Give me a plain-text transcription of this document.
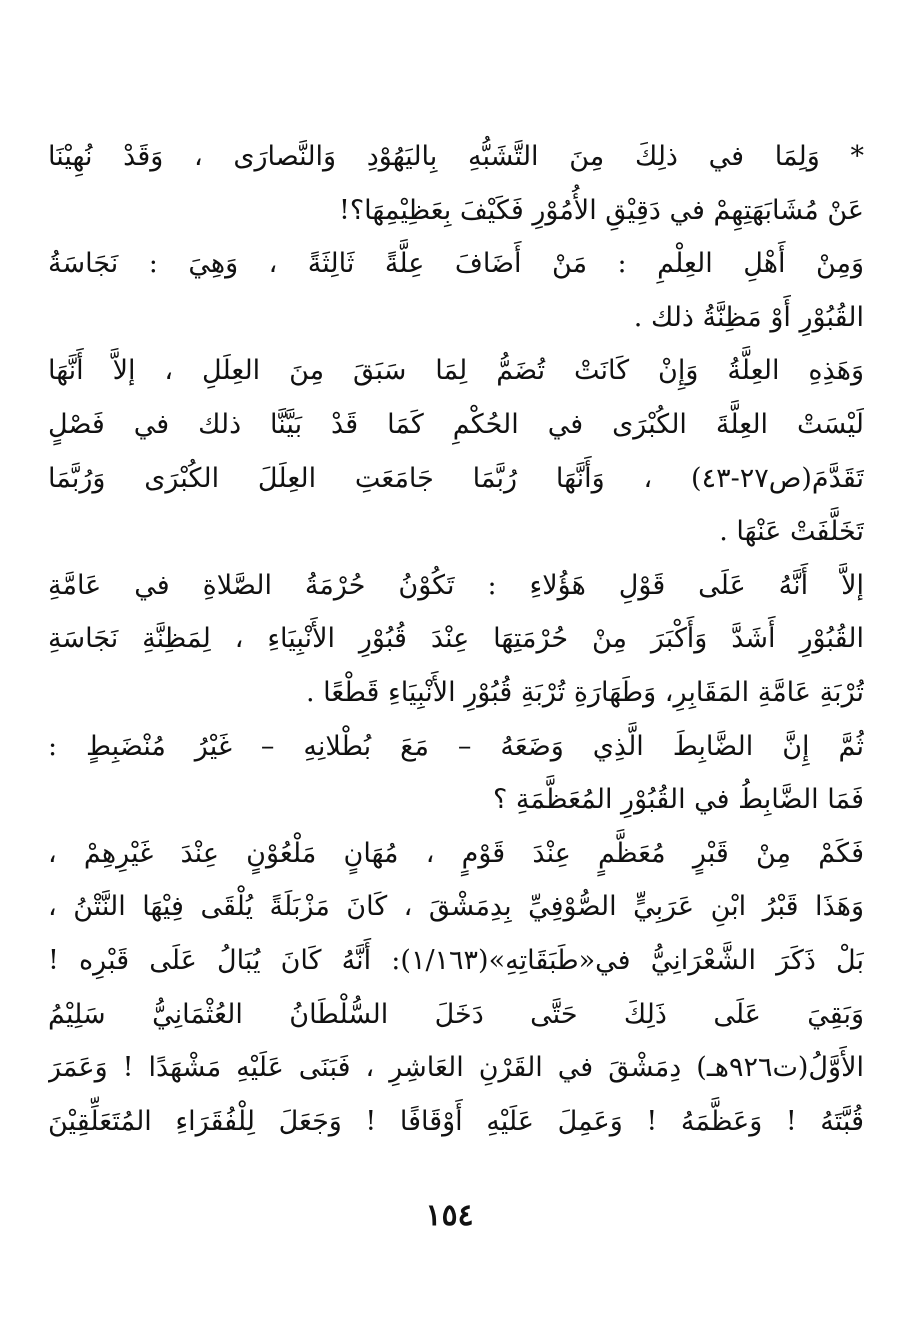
* وَلِمَا في ذلِكَ مِنَ التَّشَبُّهِ بِاليَهُوْدِ وَالنَّصارَى ، وَقَدْ نُهِيْنَا
عَنْ مُشَابَهَتِهِمْ في دَقِيْقِ الأُمُوْرِ فَكَيْفَ بِعَظِيْمِهَا؟!
وَمِنْ أَهْلِ العِلْمِ : مَنْ أَضَافَ عِلَّةً ثَالِثَةً ، وَهِيَ : نَجَاسَةُ
القُبُوْرِ أَوْ مَظِنَّةُ ذلك .
وَهَذِهِ العِلَّةُ وَإِنْ كَانَتْ تُضَمُّ لِمَا سَبَقَ مِنَ العِلَلِ ، إلاَّ أَنَّهَا
لَيْسَتْ العِلَّةَ الكُبْرَى في الحُكْمِ كَمَا قَدْ بَيَّنَّا ذلك في فَصْلٍ
تَقَدَّمَ(ص٢٧-٤٣) ، وَأَنَّهَا رُبَّمَا جَامَعَتِ العِلَلَ الكُبْرَى وَرُبَّمَا
تَخَلَّفَتْ عَنْهَا .
إلاَّ أَنَّهُ عَلَى قَوْلِ هَؤُلاءِ : تَكُوْنُ حُرْمَةُ الصَّلاةِ في عَامَّةِ
القُبُوْرِ أَشَدَّ وَأَكْبَرَ مِنْ حُرْمَتِهَا عِنْدَ قُبُوْرِ الأَنْبِيَاءِ ، لِمَظِنَّةِ نَجَاسَةِ
تُرْبَةِ عَامَّةِ المَقَابِرِ، وَطَهَارَةِ تُرْبَةِ قُبُوْرِ الأَنْبِيَاءِ قَطْعًا .
ثُمَّ إِنَّ الضَّابِطَ الَّذِي وَضَعَهُ – مَعَ بُطْلانِهِ – غَيْرُ مُنْضَبِطٍ :
فَمَا الضَّابِطُ في القُبُوْرِ المُعَظَّمَةِ ؟
فَكَمْ مِنْ قَبْرٍ مُعَظَّمٍ عِنْدَ قَوْمٍ ، مُهَانٍ مَلْعُوْنٍ عِنْدَ غَيْرِهِمْ ،
وَهَذَا قَبْرُ ابْنِ عَرَبِيٍّ الصُّوْفِيِّ بِدِمَشْقَ ، كَانَ مَزْبَلَةً يُلْقَى فِيْهَا النَّتْنُ ،
بَلْ ذَكَرَ الشَّعْرَانِيُّ في«طَبَقَاتِهِ»(١/١٦٣): أَنَّهُ كَانَ يُبَالُ عَلَى قَبْرِه !
وَبَقِيَ عَلَى ذَلِكَ حَتَّى دَخَلَ السُّلْطَانُ العُثْمَانِيُّ سَلِيْمُ
الأَوَّلُ(ت٩٢٦هـ) دِمَشْقَ في القَرْنِ العَاشِرِ ، فَبَنَى عَلَيْهِ مَشْهَدًا ! وَعَمَرَ
قُبَّتَهُ ! وَعَظَّمَهُ ! وَعَمِلَ عَلَيْهِ أَوْقَافًا ! وَجَعَلَ لِلْفُقَرَاءِ المُتَعَلِّقِيْنَ
١٥٤
